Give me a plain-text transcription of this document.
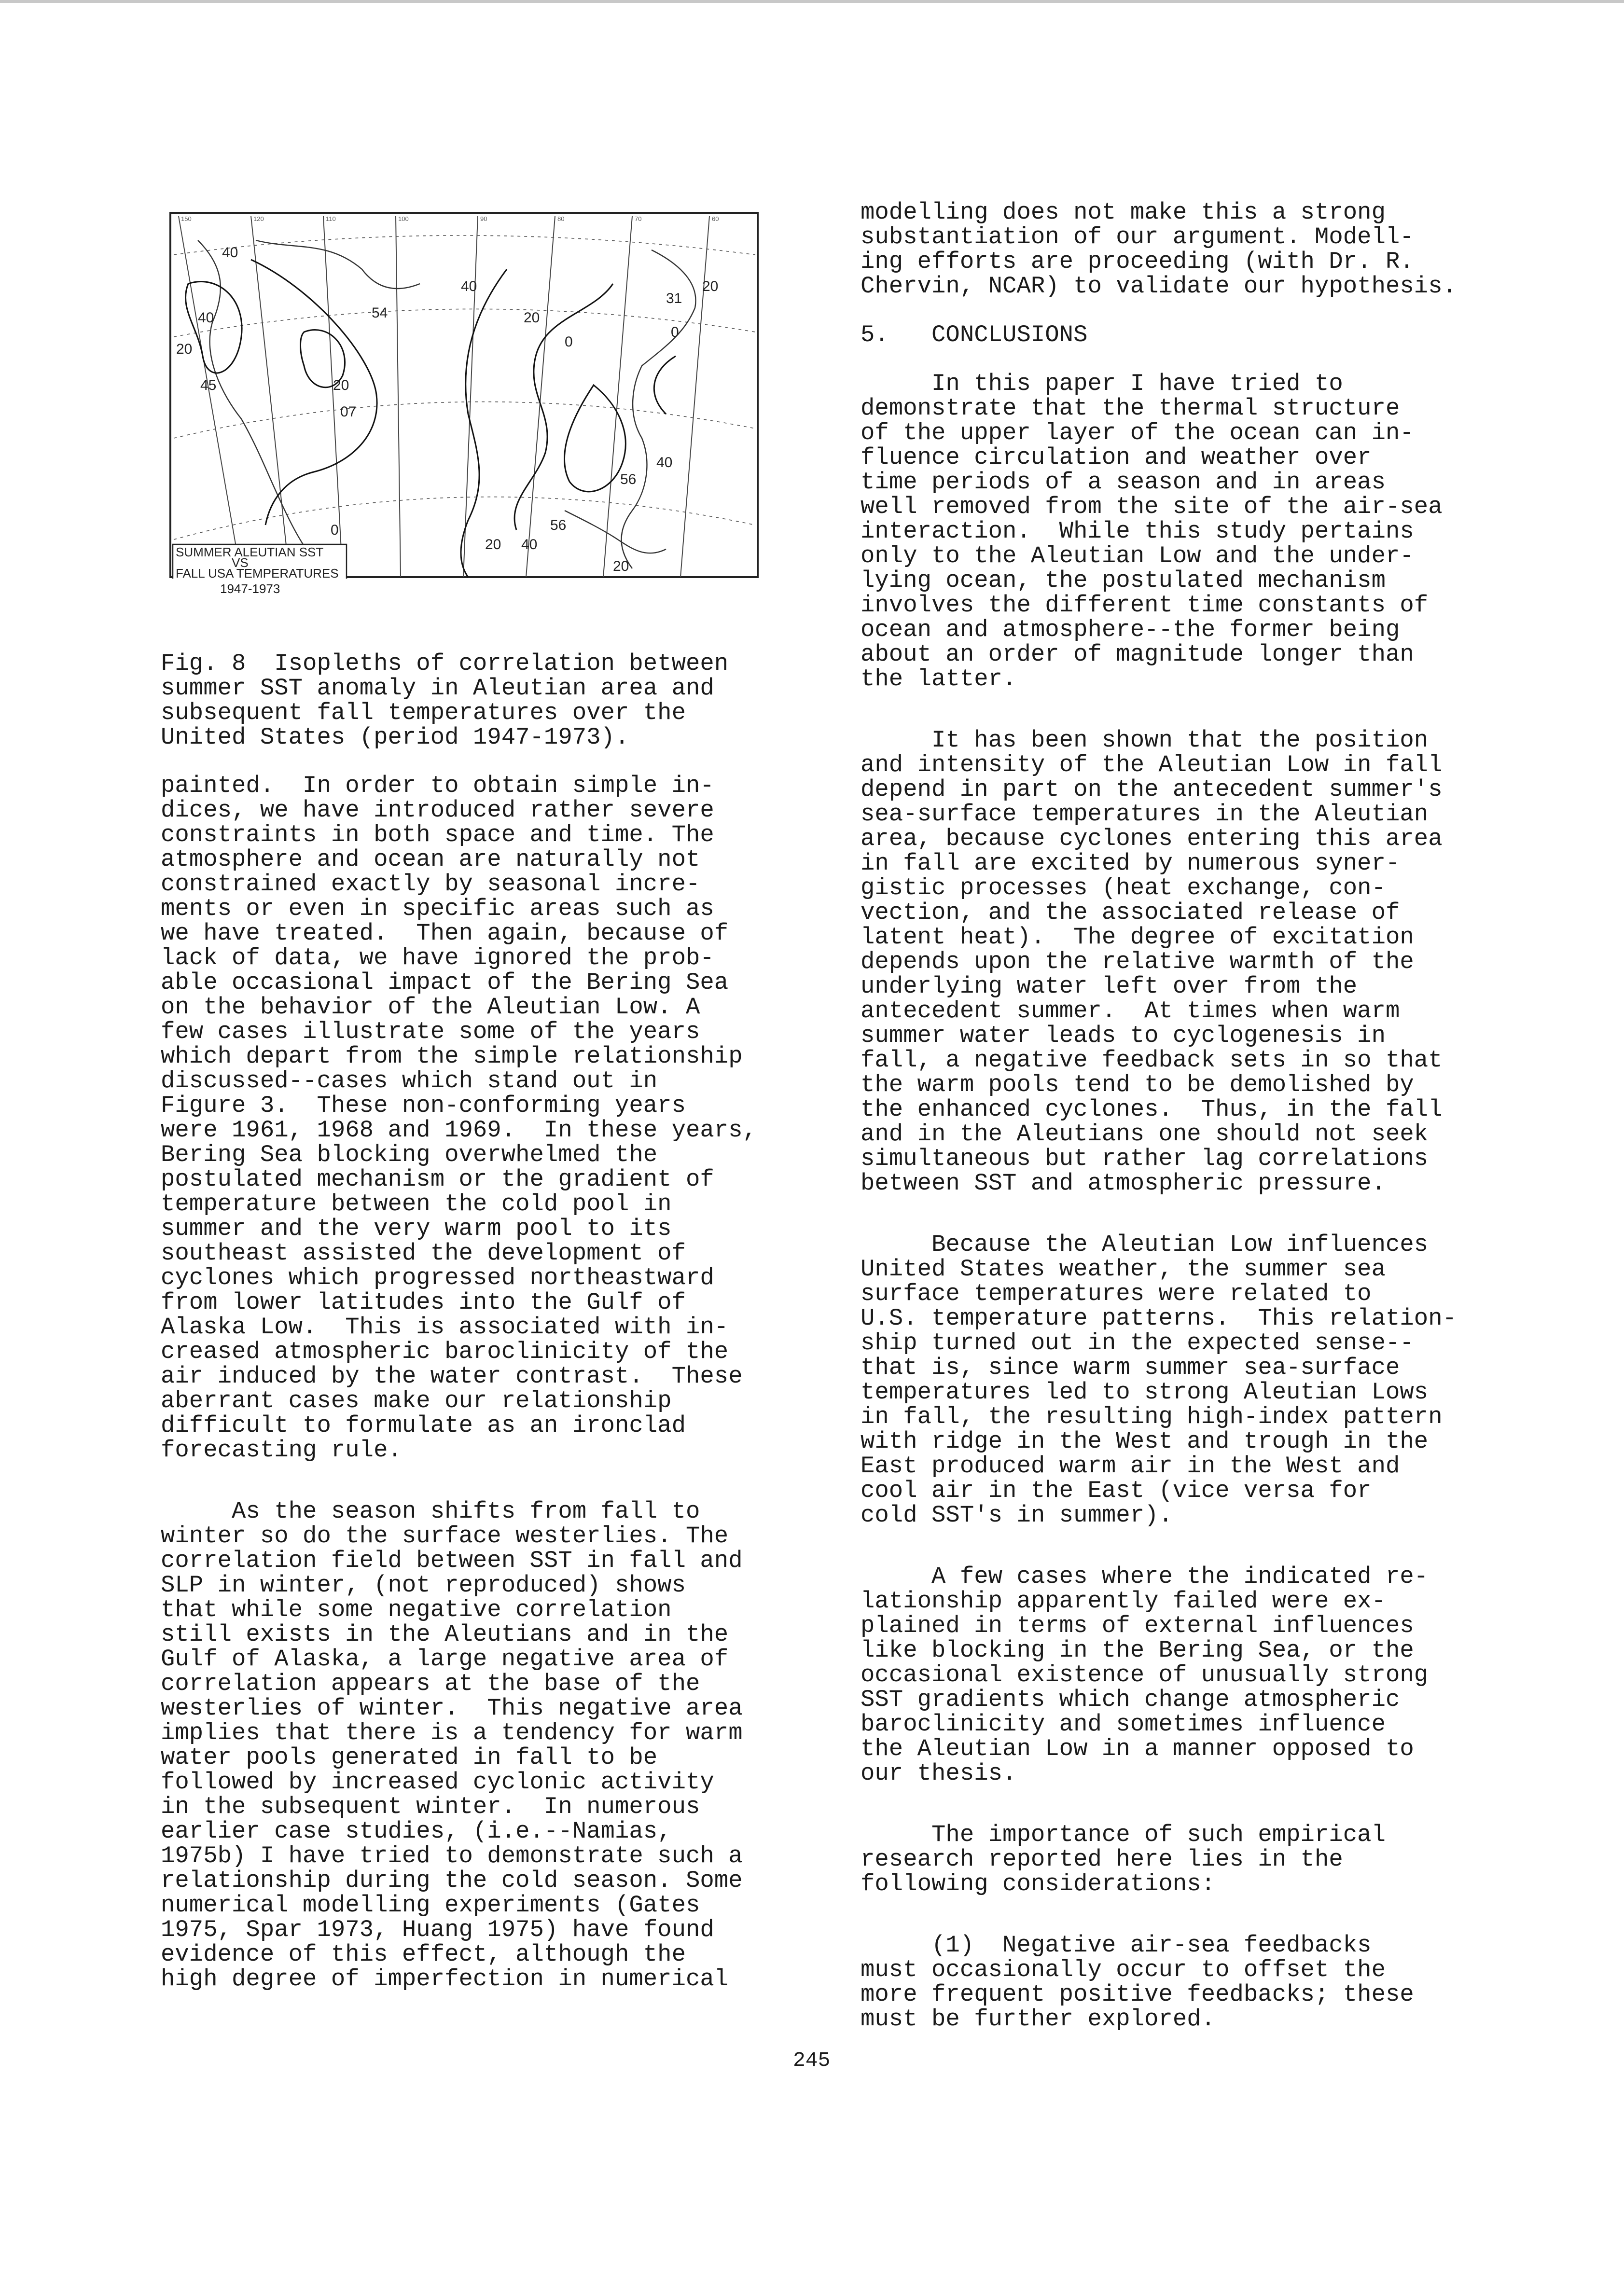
150	120	110	100	90	80	70	60
40
40	54
20
45	20
07
40
20
0
31
20
0
40
56
0	56
20 40
20
SUMMER ALEUTIAN SST
VS
FALL USA TEMPERATURES
1947-1973

Fig. 8  Isopleths of correlation between

summer SST anomaly in Aleutian area and

subsequent fall temperatures over the

United States (period 1947-1973).

painted.  In order to obtain simple in-

dices, we have introduced rather severe

constraints in both space and time. The

atmosphere and ocean are naturally not

constrained exactly by seasonal incre-

ments or even in specific areas such as

we have treated.  Then again, because of

lack of data, we have ignored the prob-

able occasional impact of the Bering Sea

on the behavior of the Aleutian Low. A

few cases illustrate some of the years

which depart from the simple relationship

discussed--cases which stand out in

Figure 3.  These non-conforming years

were 1961, 1968 and 1969.  In these years,

Bering Sea blocking overwhelmed the

postulated mechanism or the gradient of

temperature between the cold pool in

summer and the very warm pool to its

southeast assisted the development of

cyclones which progressed northeastward

from lower latitudes into the Gulf of

Alaska Low.  This is associated with in-

creased atmospheric baroclinicity of the

air induced by the water contrast.  These

aberrant cases make our relationship

difficult to formulate as an ironclad

forecasting rule.

As the season shifts from fall to

winter so do the surface westerlies. The

correlation field between SST in fall and

SLP in winter, (not reproduced) shows

that while some negative correlation

still exists in the Aleutians and in the

Gulf of Alaska, a large negative area of

correlation appears at the base of the

westerlies of winter.  This negative area

implies that there is a tendency for warm

water pools generated in fall to be

followed by increased cyclonic activity

in the subsequent winter.  In numerous

earlier case studies, (i.e.--Namias,

1975b) I have tried to demonstrate such a

relationship during the cold season. Some

numerical modelling experiments (Gates

1975, Spar 1973, Huang 1975) have found

evidence of this effect, although the

high degree of imperfection in numerical

modelling does not make this a strong

substantiation of our argument. Modell-

ing efforts are proceeding (with Dr. R.

Chervin, NCAR) to validate our hypothesis.

5.   CONCLUSIONS

In this paper I have tried to

demonstrate that the thermal structure

of the upper layer of the ocean can in-

fluence circulation and weather over

time periods of a season and in areas

well removed from the site of the air-sea

interaction.  While this study pertains

only to the Aleutian Low and the under-

lying ocean, the postulated mechanism

involves the different time constants of

ocean and atmosphere--the former being

about an order of magnitude longer than

the latter.

It has been shown that the position

and intensity of the Aleutian Low in fall

depend in part on the antecedent summer's

sea-surface temperatures in the Aleutian

area, because cyclones entering this area

in fall are excited by numerous syner-

gistic processes (heat exchange, con-

vection, and the associated release of

latent heat).  The degree of excitation

depends upon the relative warmth of the

underlying water left over from the

antecedent summer.  At times when warm

summer water leads to cyclogenesis in

fall, a negative feedback sets in so that

the warm pools tend to be demolished by

the enhanced cyclones.  Thus, in the fall

and in the Aleutians one should not seek

simultaneous but rather lag correlations

between SST and atmospheric pressure.

Because the Aleutian Low influences

United States weather, the summer sea

surface temperatures were related to

U.S. temperature patterns.  This relation-

ship turned out in the expected sense--

that is, since warm summer sea-surface

temperatures led to strong Aleutian Lows

in fall, the resulting high-index pattern

with ridge in the West and trough in the

East produced warm air in the West and

cool air in the East (vice versa for

cold SST's in summer).

A few cases where the indicated re-

lationship apparently failed were ex-

plained in terms of external influences

like blocking in the Bering Sea, or the

occasional existence of unusually strong

SST gradients which change atmospheric

baroclinicity and sometimes influence

the Aleutian Low in a manner opposed to

our thesis.

The importance of such empirical

research reported here lies in the

following considerations:

(1)  Negative air-sea feedbacks

must occasionally occur to offset the

more frequent positive feedbacks; these

must be further explored.

245
